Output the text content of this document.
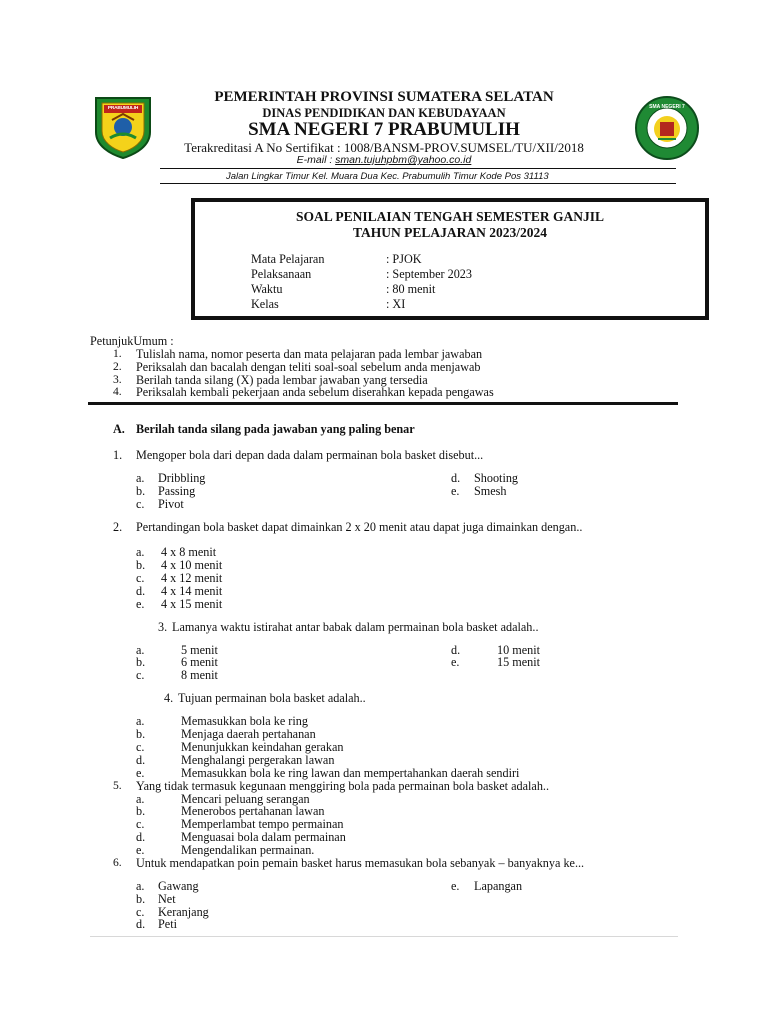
PRABUMULIH	SMA NEGERI 7
PEMERINTAH PROVINSI SUMATERA SELATAN
DINAS PENDIDIKAN DAN KEBUDAYAAN
SMA NEGERI 7 PRABUMULIH
Terakreditasi A No Sertifikat : 1008/BANSM-PROV.SUMSEL/TU/XII/2018
E-mail : sman.tujuhpbm@yahoo.co.id
Jalan Lingkar Timur Kel. Muara Dua Kec. Prabumulih Timur Kode Pos 31113
SOAL PENILAIAN TENGAH SEMESTER GANJIL
TAHUN PELAJARAN 2023/2024
Mata Pelajaran	: PJOK
Pelaksanaan	: September 2023
Waktu	: 80 menit
Kelas	: XI
PetunjukUmum :
1. Tulislah nama, nomor peserta dan mata pelajaran pada lembar jawaban
2. Periksalah dan bacalah dengan teliti soal-soal sebelum anda menjawab
3. Berilah tanda silang (X) pada lembar jawaban yang tersedia
4. Periksalah kembali pekerjaan anda sebelum diserahkan kepada pengawas
A. Berilah tanda silang pada jawaban yang paling benar
1. Mengoper bola dari depan dada dalam permainan bola basket disebut...
a. Dribbling
b. Passing
c. Pivot
d. Shooting
e. Smesh
2. Pertandingan bola basket dapat dimainkan 2 x 20 menit atau dapat juga dimainkan dengan..
a. 4 x 8 menit
b. 4 x 10 menit
c. 4 x 12 menit
d. 4 x 14 menit
e. 4 x 15 menit
3. Lamanya waktu istirahat antar babak dalam permainan bola basket adalah..
a.	5 menit
b.	6 menit
c.	8 menit
d.	10 menit
e.	15 menit
4. Tujuan permainan bola basket adalah..
a.	Memasukkan bola ke ring
b.	Menjaga daerah pertahanan
c.	Menunjukkan keindahan gerakan
d.	Menghalangi pergerakan lawan
e.	Memasukkan bola ke ring lawan dan mempertahankan daerah sendiri
5. Yang tidak termasuk kegunaan menggiring bola pada permainan bola basket adalah..
a.	Mencari peluang serangan
b.	Menerobos pertahanan lawan
c.	Memperlambat tempo permainan
d.	Menguasai bola dalam permainan
e.	Mengendalikan permainan.
6. Untuk mendapatkan poin pemain basket harus memasukan bola sebanyak – banyaknya ke...
a. Gawang
b. Net
c. Keranjang
d. Peti
e. Lapangan
